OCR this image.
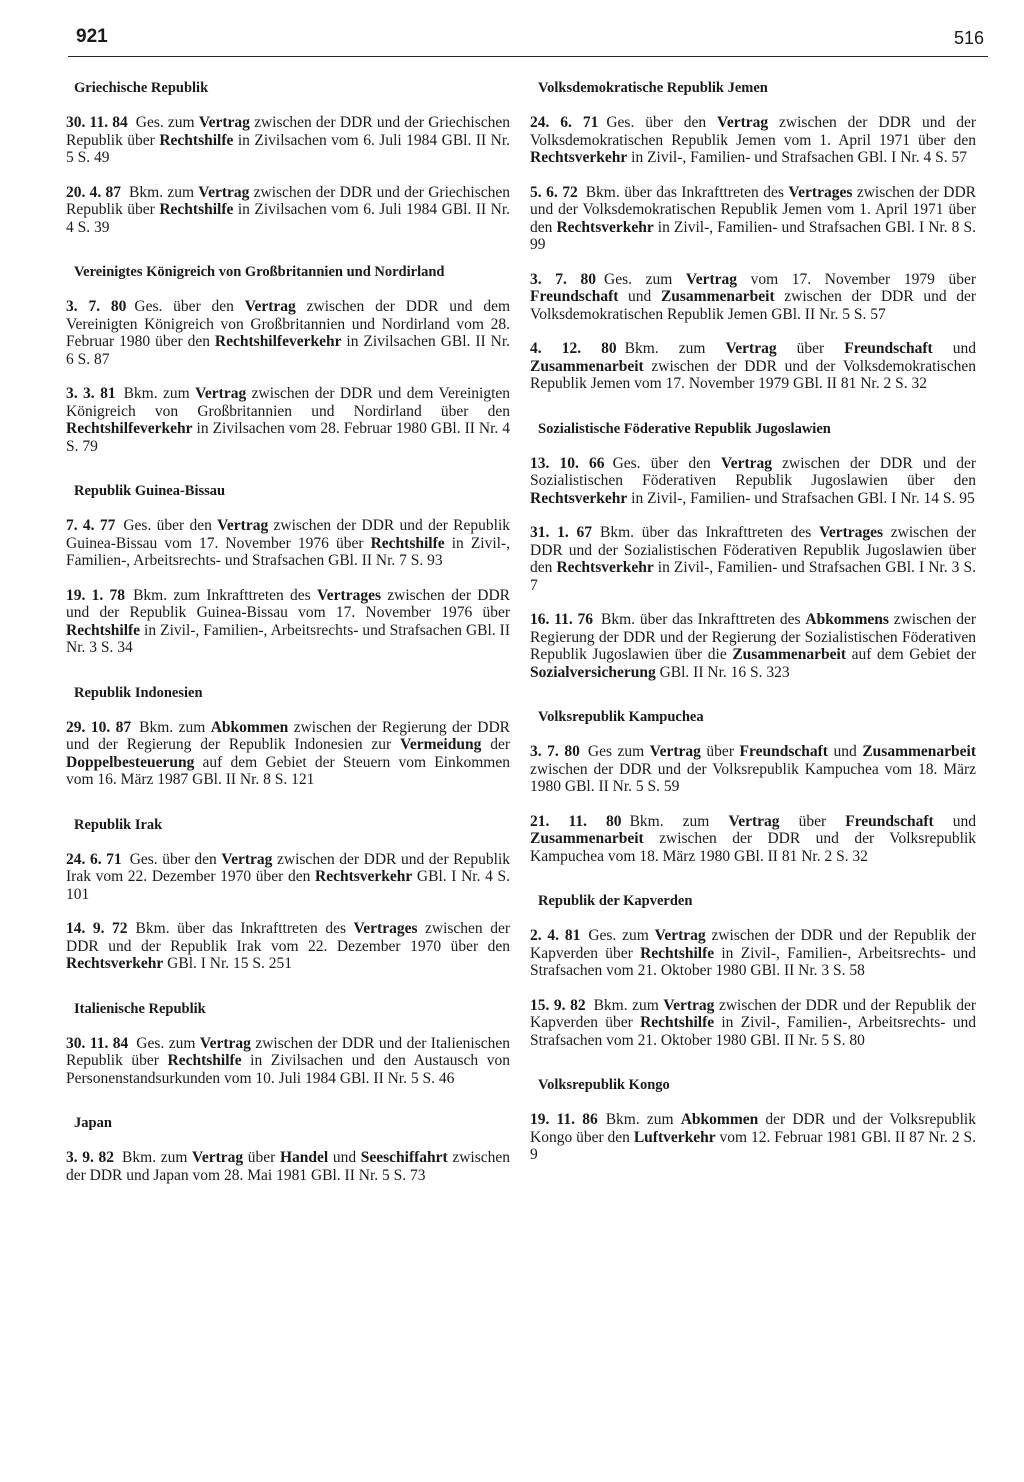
921	516
Griechische Republik
30. 11. 84 Ges. zum Vertrag zwischen der DDR und der Griechischen Republik über Rechtshilfe in Zivilsachen vom 6. Juli 1984 GBl. II Nr. 5 S. 49
20. 4. 87 Bkm. zum Vertrag zwischen der DDR und der Griechischen Republik über Rechtshilfe in Zivilsachen vom 6. Juli 1984 GBl. II Nr. 4 S. 39
Vereinigtes Königreich von Großbritannien und Nordirland
3. 7. 80 Ges. über den Vertrag zwischen der DDR und dem Vereinigten Königreich von Großbritannien und Nordirland vom 28. Februar 1980 über den Rechtshilfeverkehr in Zivilsachen GBl. II Nr. 6 S. 87
3. 3. 81 Bkm. zum Vertrag zwischen der DDR und dem Vereinigten Königreich von Großbritannien und Nordirland über den Rechtshilfeverkehr in Zivilsachen vom 28. Februar 1980 GBl. II Nr. 4 S. 79
Republik Guinea-Bissau
7. 4. 77 Ges. über den Vertrag zwischen der DDR und der Republik Guinea-Bissau vom 17. November 1976 über Rechtshilfe in Zivil-, Familien-, Arbeitsrechts- und Strafsachen GBl. II Nr. 7 S. 93
19. 1. 78 Bkm. zum Inkrafttreten des Vertrages zwischen der DDR und der Republik Guinea-Bissau vom 17. November 1976 über Rechtshilfe in Zivil-, Familien-, Arbeitsrechts- und Strafsachen GBl. II Nr. 3 S. 34
Republik Indonesien
29. 10. 87 Bkm. zum Abkommen zwischen der Regierung der DDR und der Regierung der Republik Indonesien zur Vermeidung der Doppelbesteuerung auf dem Gebiet der Steuern vom Einkommen vom 16. März 1987 GBl. II Nr. 8 S. 121
Republik Irak
24. 6. 71 Ges. über den Vertrag zwischen der DDR und der Republik Irak vom 22. Dezember 1970 über den Rechtsverkehr GBl. I Nr. 4 S. 101
14. 9. 72 Bkm. über das Inkrafttreten des Vertrages zwischen der DDR und der Republik Irak vom 22. Dezember 1970 über den Rechtsverkehr GBl. I Nr. 15 S. 251
Italienische Republik
30. 11. 84 Ges. zum Vertrag zwischen der DDR und der Italienischen Republik über Rechtshilfe in Zivilsachen und den Austausch von Personenstandsurkunden vom 10. Juli 1984 GBl. II Nr. 5 S. 46
Japan
3. 9. 82 Bkm. zum Vertrag über Handel und Seeschiffahrt zwischen der DDR und Japan vom 28. Mai 1981 GBl. II Nr. 5 S. 73
Volksdemokratische Republik Jemen
24. 6. 71 Ges. über den Vertrag zwischen der DDR und der Volksdemokratischen Republik Jemen vom 1. April 1971 über den Rechtsverkehr in Zivil-, Familien- und Strafsachen GBl. I Nr. 4 S. 57
5. 6. 72 Bkm. über das Inkrafttreten des Vertrages zwischen der DDR und der Volksdemokratischen Republik Jemen vom 1. April 1971 über den Rechtsverkehr in Zivil-, Familien- und Strafsachen GBl. I Nr. 8 S. 99
3. 7. 80 Ges. zum Vertrag vom 17. November 1979 über Freundschaft und Zusammenarbeit zwischen der DDR und der Volksdemokratischen Republik Jemen GBl. II Nr. 5 S. 57
4. 12. 80 Bkm. zum Vertrag über Freundschaft und Zusammenarbeit zwischen der DDR und der Volksdemokratischen Republik Jemen vom 17. November 1979 GBl. II 81 Nr. 2 S. 32
Sozialistische Föderative Republik Jugoslawien
13. 10. 66 Ges. über den Vertrag zwischen der DDR und der Sozialistischen Föderativen Republik Jugoslawien über den Rechtsverkehr in Zivil-, Familien- und Strafsachen GBl. I Nr. 14 S. 95
31. 1. 67 Bkm. über das Inkrafttreten des Vertrages zwischen der DDR und der Sozialistischen Föderativen Republik Jugoslawien über den Rechtsverkehr in Zivil-, Familien- und Strafsachen GBl. I Nr. 3 S. 7
16. 11. 76 Bkm. über das Inkrafttreten des Abkommens zwischen der Regierung der DDR und der Regierung der Sozialistischen Föderativen Republik Jugoslawien über die Zusammenarbeit auf dem Gebiet der Sozialversicherung GBl. II Nr. 16 S. 323
Volksrepublik Kampuchea
3. 7. 80 Ges zum Vertrag über Freundschaft und Zusammenarbeit zwischen der DDR und der Volksrepublik Kampuchea vom 18. März 1980 GBl. II Nr. 5 S. 59
21. 11. 80 Bkm. zum Vertrag über Freundschaft und Zusammenarbeit zwischen der DDR und der Volksrepublik Kampuchea vom 18. März 1980 GBl. II 81 Nr. 2 S. 32
Republik der Kapverden
2. 4. 81 Ges. zum Vertrag zwischen der DDR und der Republik der Kapverden über Rechtshilfe in Zivil-, Familien-, Arbeitsrechts- und Strafsachen vom 21. Oktober 1980 GBl. II Nr. 3 S. 58
15. 9. 82 Bkm. zum Vertrag zwischen der DDR und der Republik der Kapverden über Rechtshilfe in Zivil-, Familien-, Arbeitsrechts- und Strafsachen vom 21. Oktober 1980 GBl. II Nr. 5 S. 80
Volksrepublik Kongo
19. 11. 86 Bkm. zum Abkommen der DDR und der Volksrepublik Kongo über den Luftverkehr vom 12. Februar 1981 GBl. II 87 Nr. 2 S. 9
